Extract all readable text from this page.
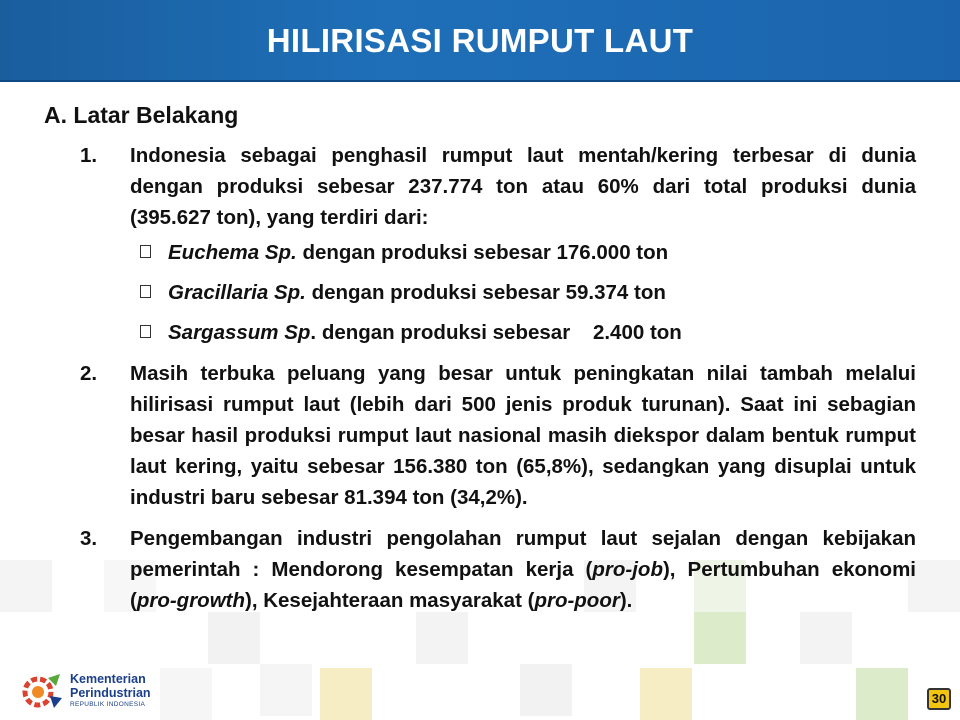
HILIRISASI RUMPUT LAUT
A. Latar Belakang
1. Indonesia sebagai penghasil rumput laut mentah/kering terbesar di dunia dengan produksi sebesar 237.774 ton atau 60% dari total produksi dunia (395.627 ton), yang terdiri dari:
Euchema Sp. dengan produksi sebesar 176.000 ton
Gracillaria Sp. dengan produksi sebesar 59.374 ton
Sargassum Sp. dengan produksi sebesar    2.400 ton
2. Masih terbuka peluang yang besar untuk peningkatan nilai tambah melalui hilirisasi rumput laut (lebih dari 500 jenis produk turunan). Saat ini sebagian besar hasil produksi rumput laut nasional masih diekspor dalam bentuk rumput laut kering, yaitu sebesar 156.380 ton (65,8%), sedangkan yang disuplai untuk industri baru sebesar 81.394 ton (34,2%).
3. Pengembangan industri pengolahan rumput laut sejalan dengan kebijakan pemerintah : Mendorong kesempatan kerja (pro-job), Pertumbuhan ekonomi (pro-growth), Kesejahteraan masyarakat (pro-poor).
Kementerian
Perindustrian
REPUBLIK INDONESIA	30
